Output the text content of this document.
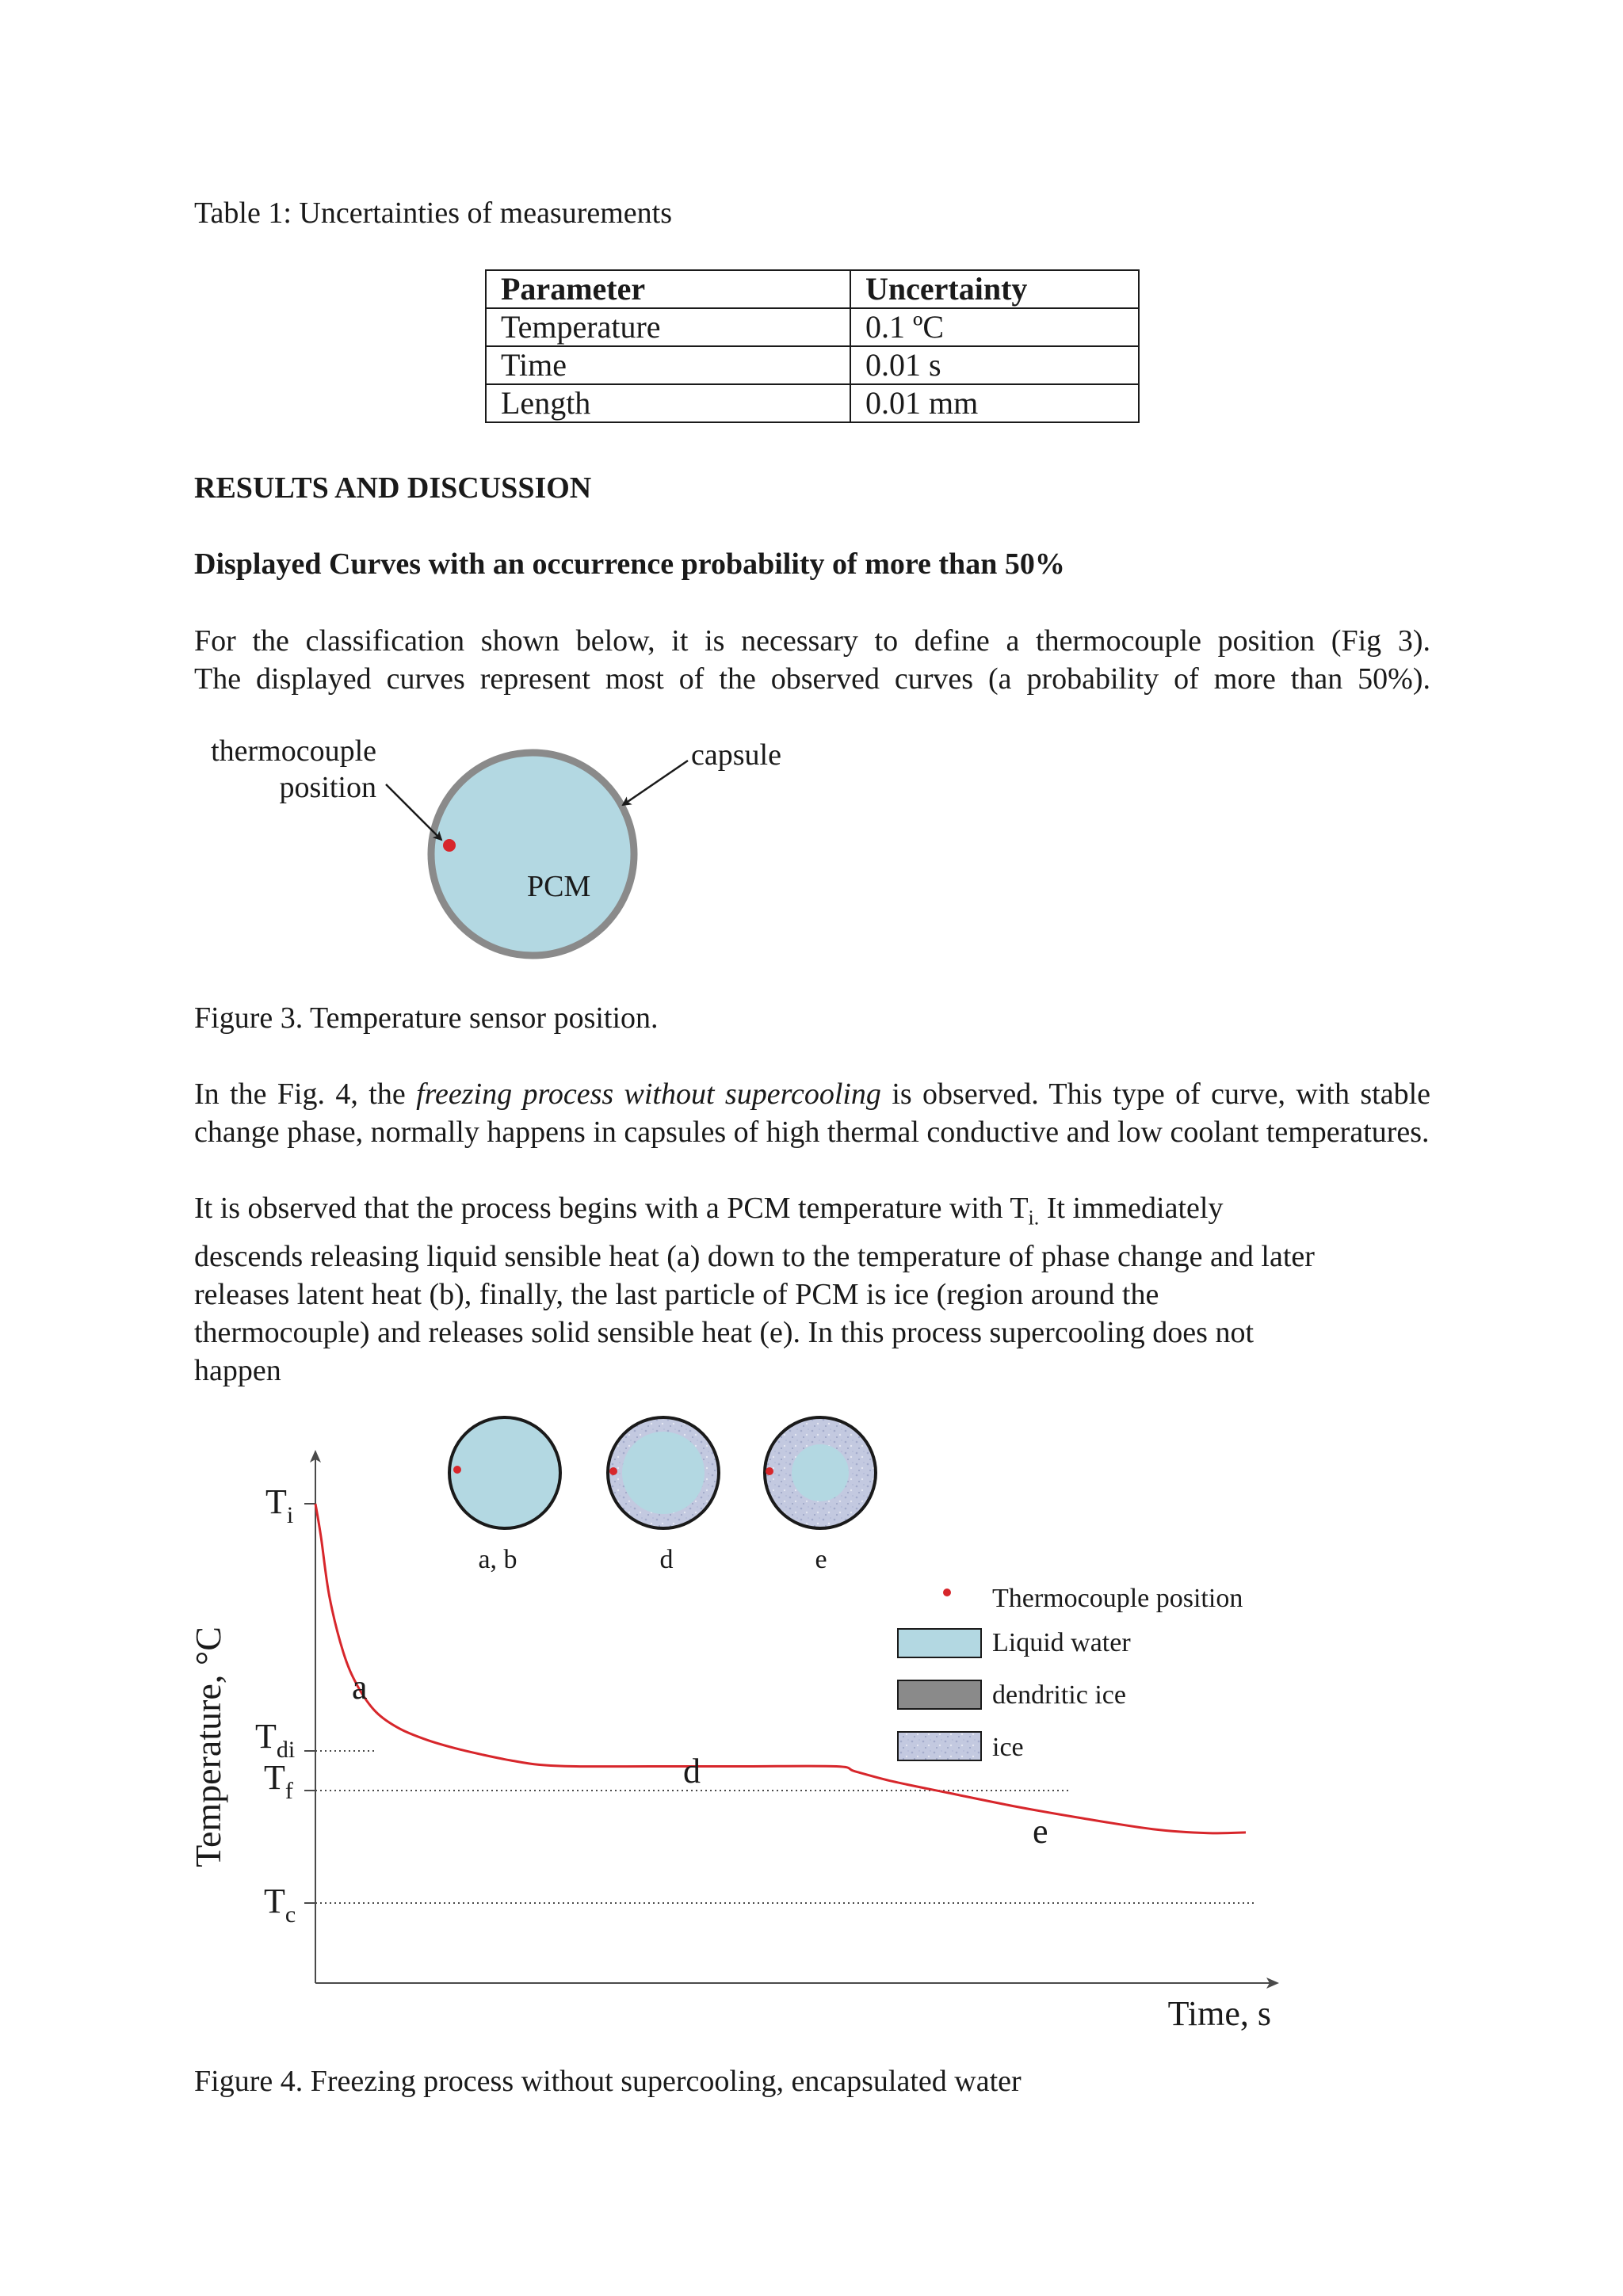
Table 1: Uncertainties of measurements
Parameter	Uncertainty
Temperature	0.1 ºC
Time	0.01 s
Length	0.01 mm
RESULTS AND DISCUSSION
Displayed Curves with an occurrence probability of more than 50%
For the classification shown below, it is necessary to define a thermocouple position (Fig 3).
The displayed curves represent most of the observed curves (a probability of more than 50%).
thermocouple
position
capsule
PCM
Figure 3. Temperature sensor position.

In the Fig. 4, the freezing process without supercooling is observed. This type of curve, with stable change phase, normally happens in capsules of high thermal conductive and low coolant temperatures.

It is observed that the process begins with a PCM temperature with $T_{i.}$ It immediately
descends releasing liquid sensible heat (a) down to the temperature of phase change and later
releases latent heat (b), finally, the last particle of PCM is ice (region around the
thermocouple) and releases solid sensible heat (e). In this process supercooling does not
happen
Temperature, °C
Time, s
$T_i$
$T_{di}$
$T_f$
$T_c$
a
d
e
a, b	d	e
Thermocouple position
Liquid water
dendritic ice
ice
Figure 4. Freezing process without supercooling, encapsulated water
